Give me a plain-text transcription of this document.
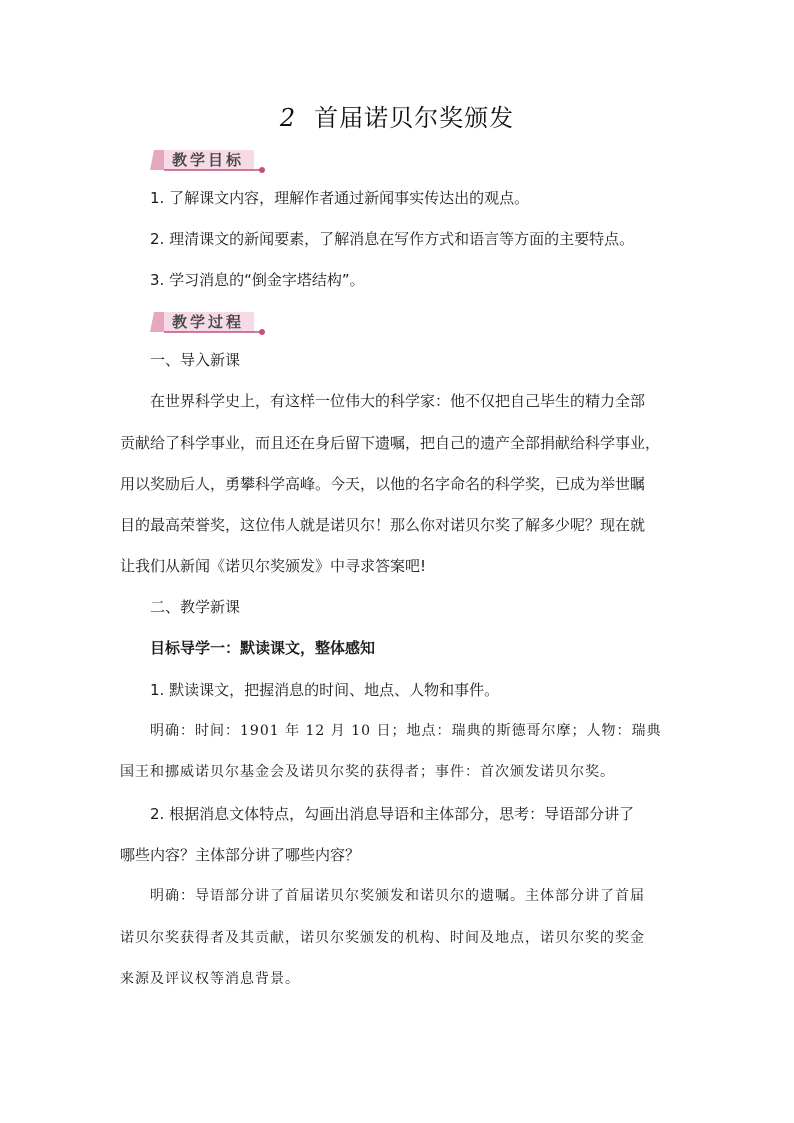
2 首届诺贝尔奖颁发
教学目标
1. 了解课文内容，理解作者通过新闻事实传达出的观点。
2. 理清课文的新闻要素，了解消息在写作方式和语言等方面的主要特点。
3. 学习消息的“倒金字塔结构”。
教学过程
一、导入新课
在世界科学史上，有这样一位伟大的科学家：他不仅把自己毕生的精力全部
贡献给了科学事业，而且还在身后留下遗嘱，把自己的遗产全部捐献给科学事业，
用以奖励后人，勇攀科学高峰。今天，以他的名字命名的科学奖，已成为举世瞩
目的最高荣誉奖，这位伟人就是诺贝尔！那么你对诺贝尔奖了解多少呢？现在就
让我们从新闻《诺贝尔奖颁发》中寻求答案吧!
二、教学新课
目标导学一：默读课文，整体感知
1. 默读课文，把握消息的时间、地点、人物和事件。
明确：时间：1901 年 12 月 10 日；地点：瑞典的斯德哥尔摩；人物：瑞典
国王和挪威诺贝尔基金会及诺贝尔奖的获得者；事件：首次颁发诺贝尔奖。
2. 根据消息文体特点，勾画出消息导语和主体部分，思考：导语部分讲了
哪些内容？主体部分讲了哪些内容？
明确：导语部分讲了首届诺贝尔奖颁发和诺贝尔的遗嘱。主体部分讲了首届
诺贝尔奖获得者及其贡献，诺贝尔奖颁发的机构、时间及地点，诺贝尔奖的奖金
来源及评议权等消息背景。
